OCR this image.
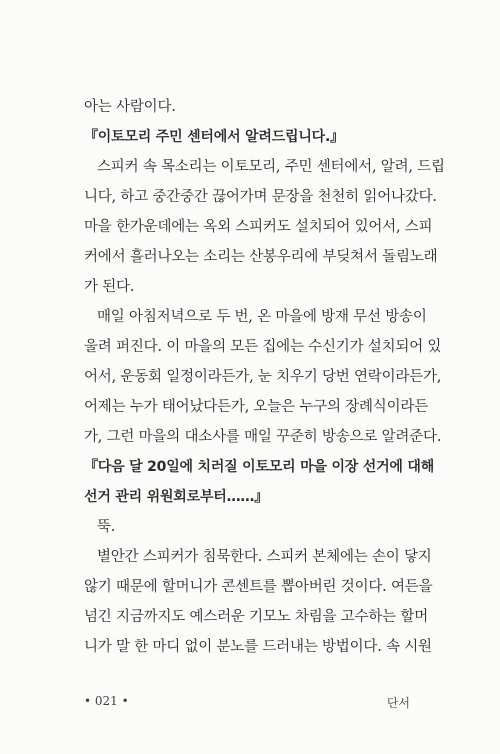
아는 사람이다.
『이토모리 주민 센터에서 알려드립니다.』
스피커 속 목소리는 이토모리, 주민 센터에서, 알려, 드립
니다, 하고 중간중간 끊어가며 문장을 천천히 읽어나갔다.
마을 한가운데에는 옥외 스피커도 설치되어 있어서, 스피
커에서 흘러나오는 소리는 산봉우리에 부딪쳐서 돌림노래
가 된다.
매일 아침저녁으로 두 번, 온 마을에 방재 무선 방송이
울려 퍼진다. 이 마을의 모든 집에는 수신기가 설치되어 있
어서, 운동회 일정이라든가, 눈 치우기 당번 연락이라든가,
어제는 누가 태어났다든가, 오늘은 누구의 장례식이라든
가, 그런 마을의 대소사를 매일 꾸준히 방송으로 알려준다.
『다음 달 20일에 치러질 이토모리 마을 이장 선거에 대해
선거 관리 위원회로부터……』
뚝.
별안간 스피커가 침묵한다. 스피커 본체에는 손이 닿지
않기 때문에 할머니가 콘센트를 뽑아버린 것이다. 여든을
넘긴 지금까지도 예스러운 기모노 차림을 고수하는 할머
니가 말 한 마디 없이 분노를 드러내는 방법이다. 속 시원
• 021 •	단서
